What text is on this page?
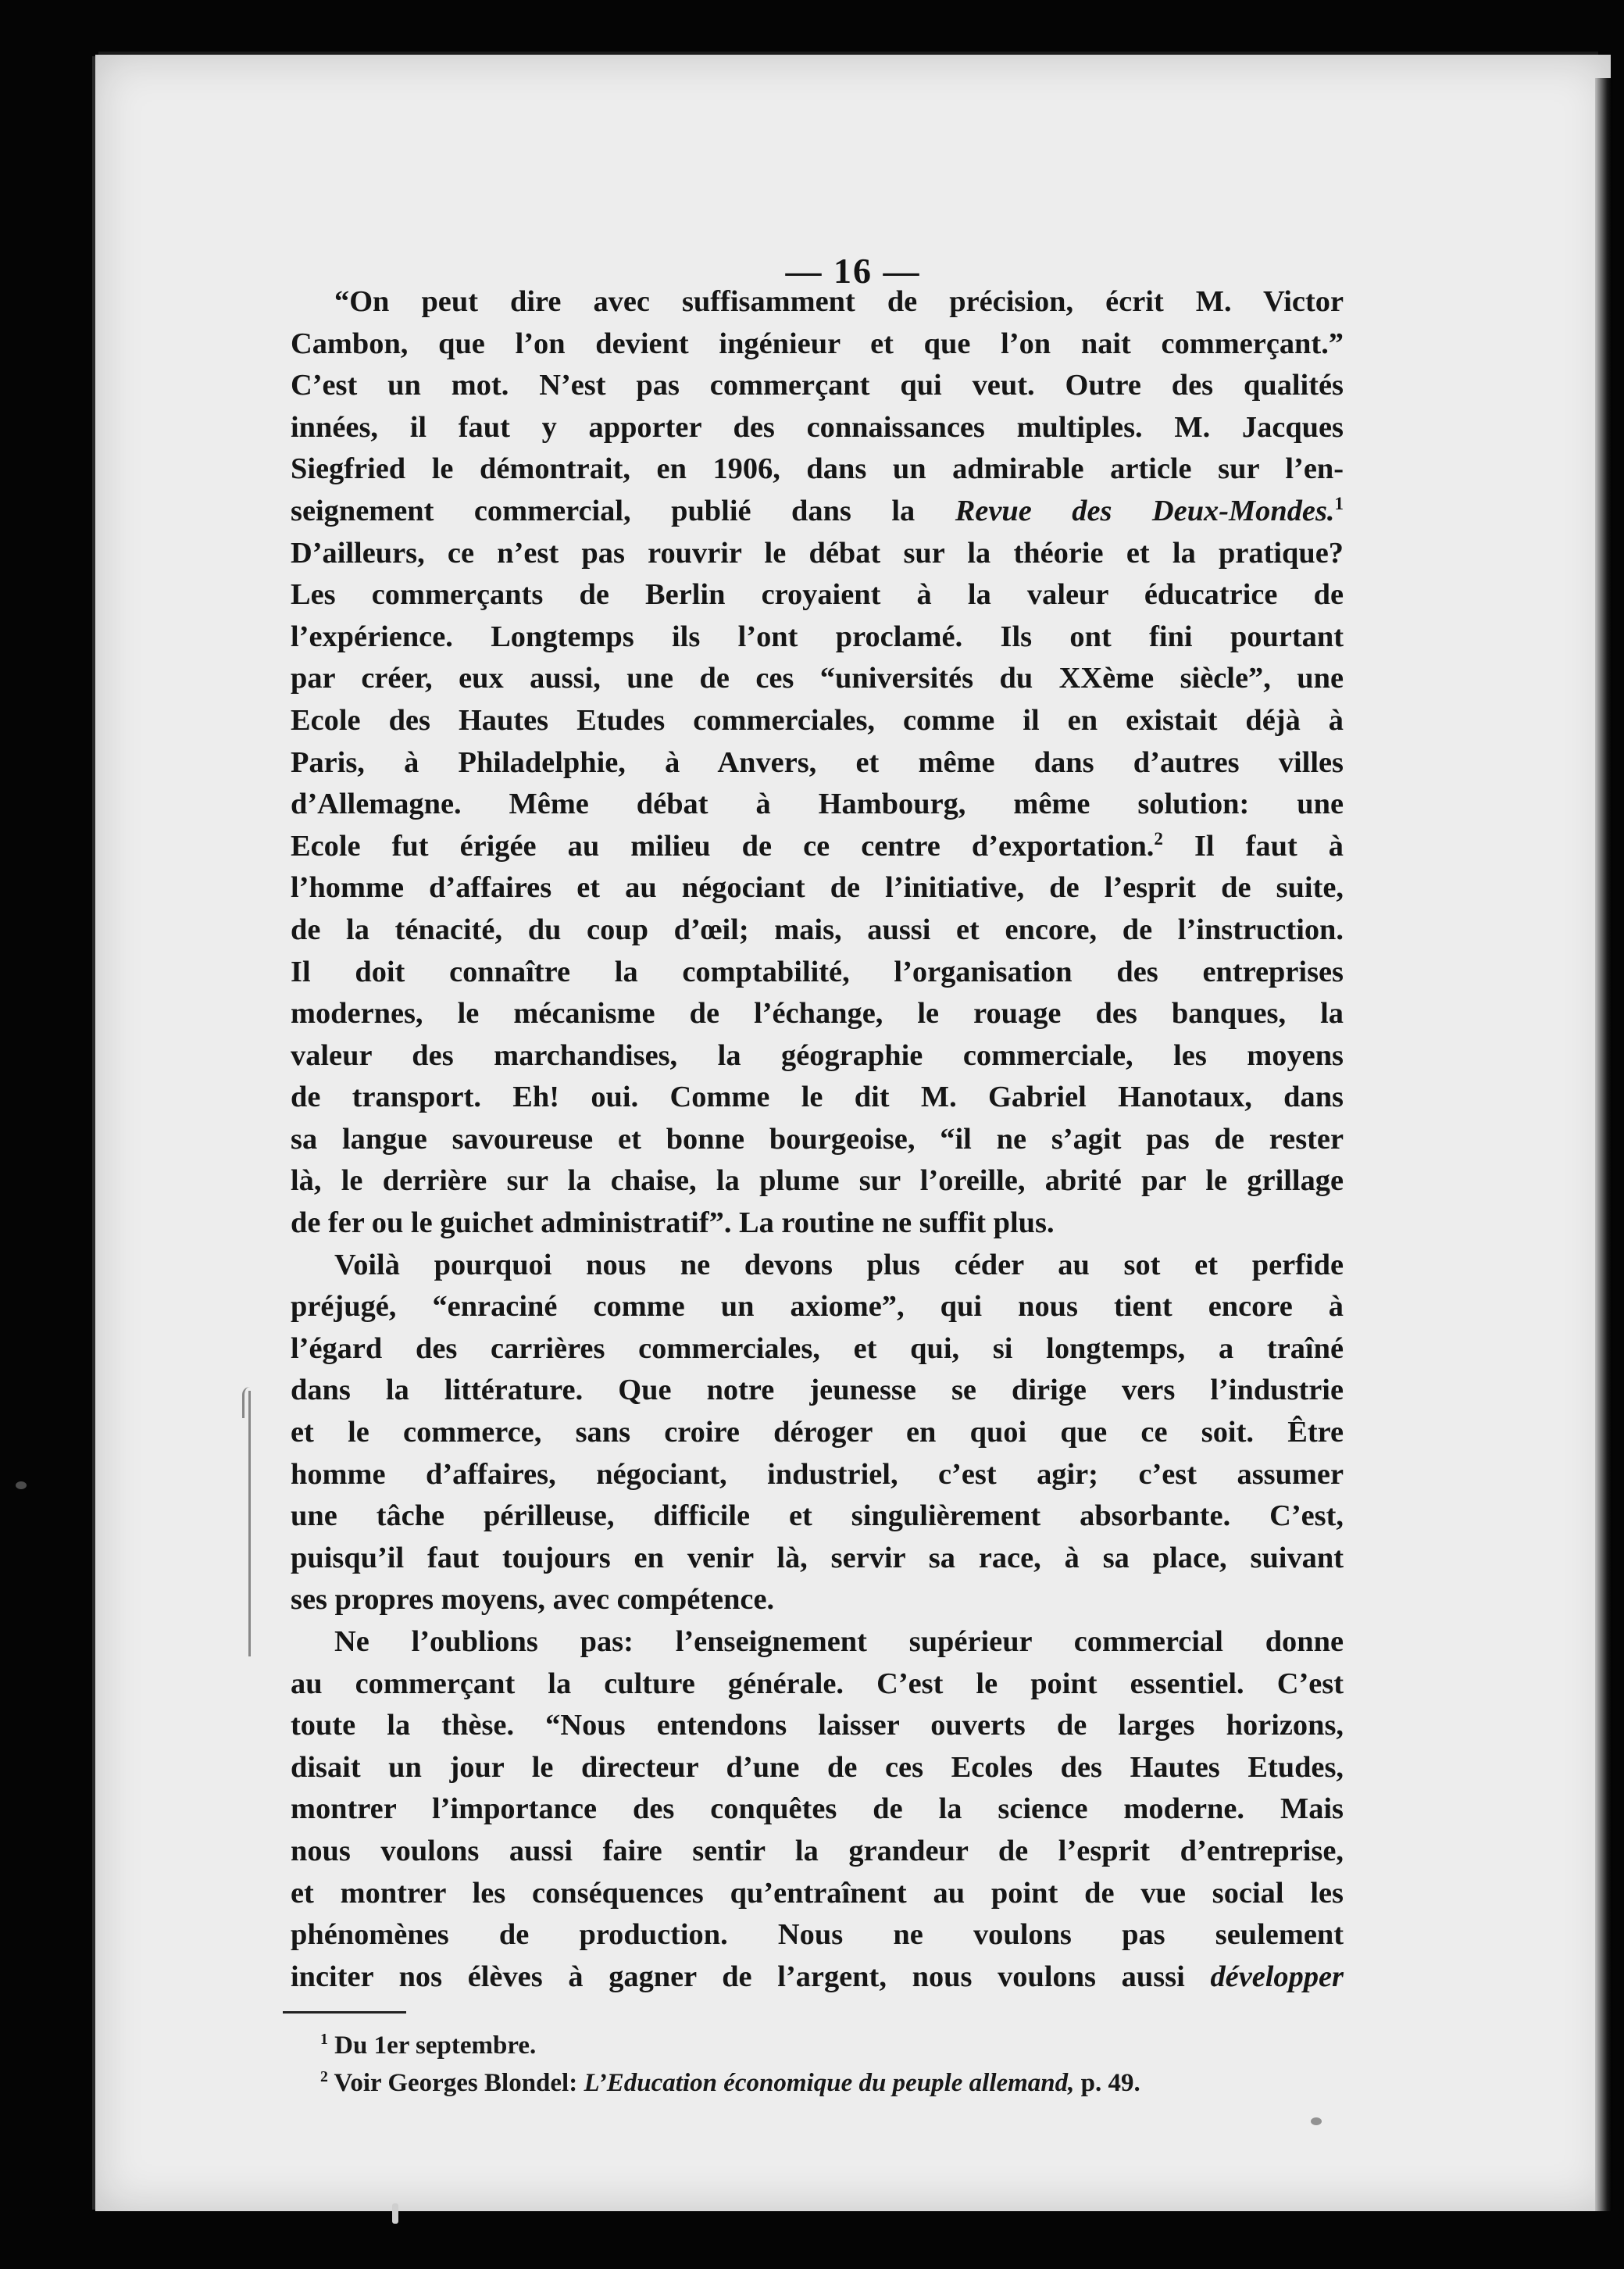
— 16 —
“On peut dire avec suffisamment de précision, écrit M. Victor
Cambon, que l’on devient ingénieur et que l’on nait commerçant.”
C’est un mot. N’est pas commerçant qui veut. Outre des qualités
innées, il faut y apporter des connaissances multiples. M. Jacques
Siegfried le démontrait, en 1906, dans un admirable article sur l’en-
seignement commercial, publié dans la Revue des Deux-Mondes.$^1$
D’ailleurs, ce n’est pas rouvrir le débat sur la théorie et la pratique?
Les commerçants de Berlin croyaient à la valeur éducatrice de
l’expérience. Longtemps ils l’ont proclamé. Ils ont fini pourtant
par créer, eux aussi, une de ces “universités du XXème siècle”, une
Ecole des Hautes Etudes commerciales, comme il en existait déjà à
Paris, à Philadelphie, à Anvers, et même dans d’autres villes
d’Allemagne. Même débat à Hambourg, même solution: une
Ecole fut érigée au milieu de ce centre d’exportation.$^2$ Il faut à
l’homme d’affaires et au négociant de l’initiative, de l’esprit de suite,
de la ténacité, du coup d’œil; mais, aussi et encore, de l’instruction.
Il doit connaître la comptabilité, l’organisation des entreprises
modernes, le mécanisme de l’échange, le rouage des banques, la
valeur des marchandises, la géographie commerciale, les moyens
de transport. Eh! oui. Comme le dit M. Gabriel Hanotaux, dans
sa langue savoureuse et bonne bourgeoise, “il ne s’agit pas de rester
là, le derrière sur la chaise, la plume sur l’oreille, abrité par le grillage
de fer ou le guichet administratif”. La routine ne suffit plus.
Voilà pourquoi nous ne devons plus céder au sot et perfide
préjugé, “enraciné comme un axiome”, qui nous tient encore à
l’égard des carrières commerciales, et qui, si longtemps, a traîné
dans la littérature. Que notre jeunesse se dirige vers l’industrie
et le commerce, sans croire déroger en quoi que ce soit. Être
homme d’affaires, négociant, industriel, c’est agir; c’est assumer
une tâche périlleuse, difficile et singulièrement absorbante. C’est,
puisqu’il faut toujours en venir là, servir sa race, à sa place, suivant
ses propres moyens, avec compétence.
Ne l’oublions pas: l’enseignement supérieur commercial donne
au commerçant la culture générale. C’est le point essentiel. C’est
toute la thèse. “Nous entendons laisser ouverts de larges horizons,
disait un jour le directeur d’une de ces Ecoles des Hautes Etudes,
montrer l’importance des conquêtes de la science moderne. Mais
nous voulons aussi faire sentir la grandeur de l’esprit d’entreprise,
et montrer les conséquences qu’entraînent au point de vue social les
phénomènes de production. Nous ne voulons pas seulement
inciter nos élèves à gagner de l’argent, nous voulons aussi développer
$^1$ Du 1er septembre.
$^2$ Voir Georges Blondel: L’Education économique du peuple allemand, p. 49.
